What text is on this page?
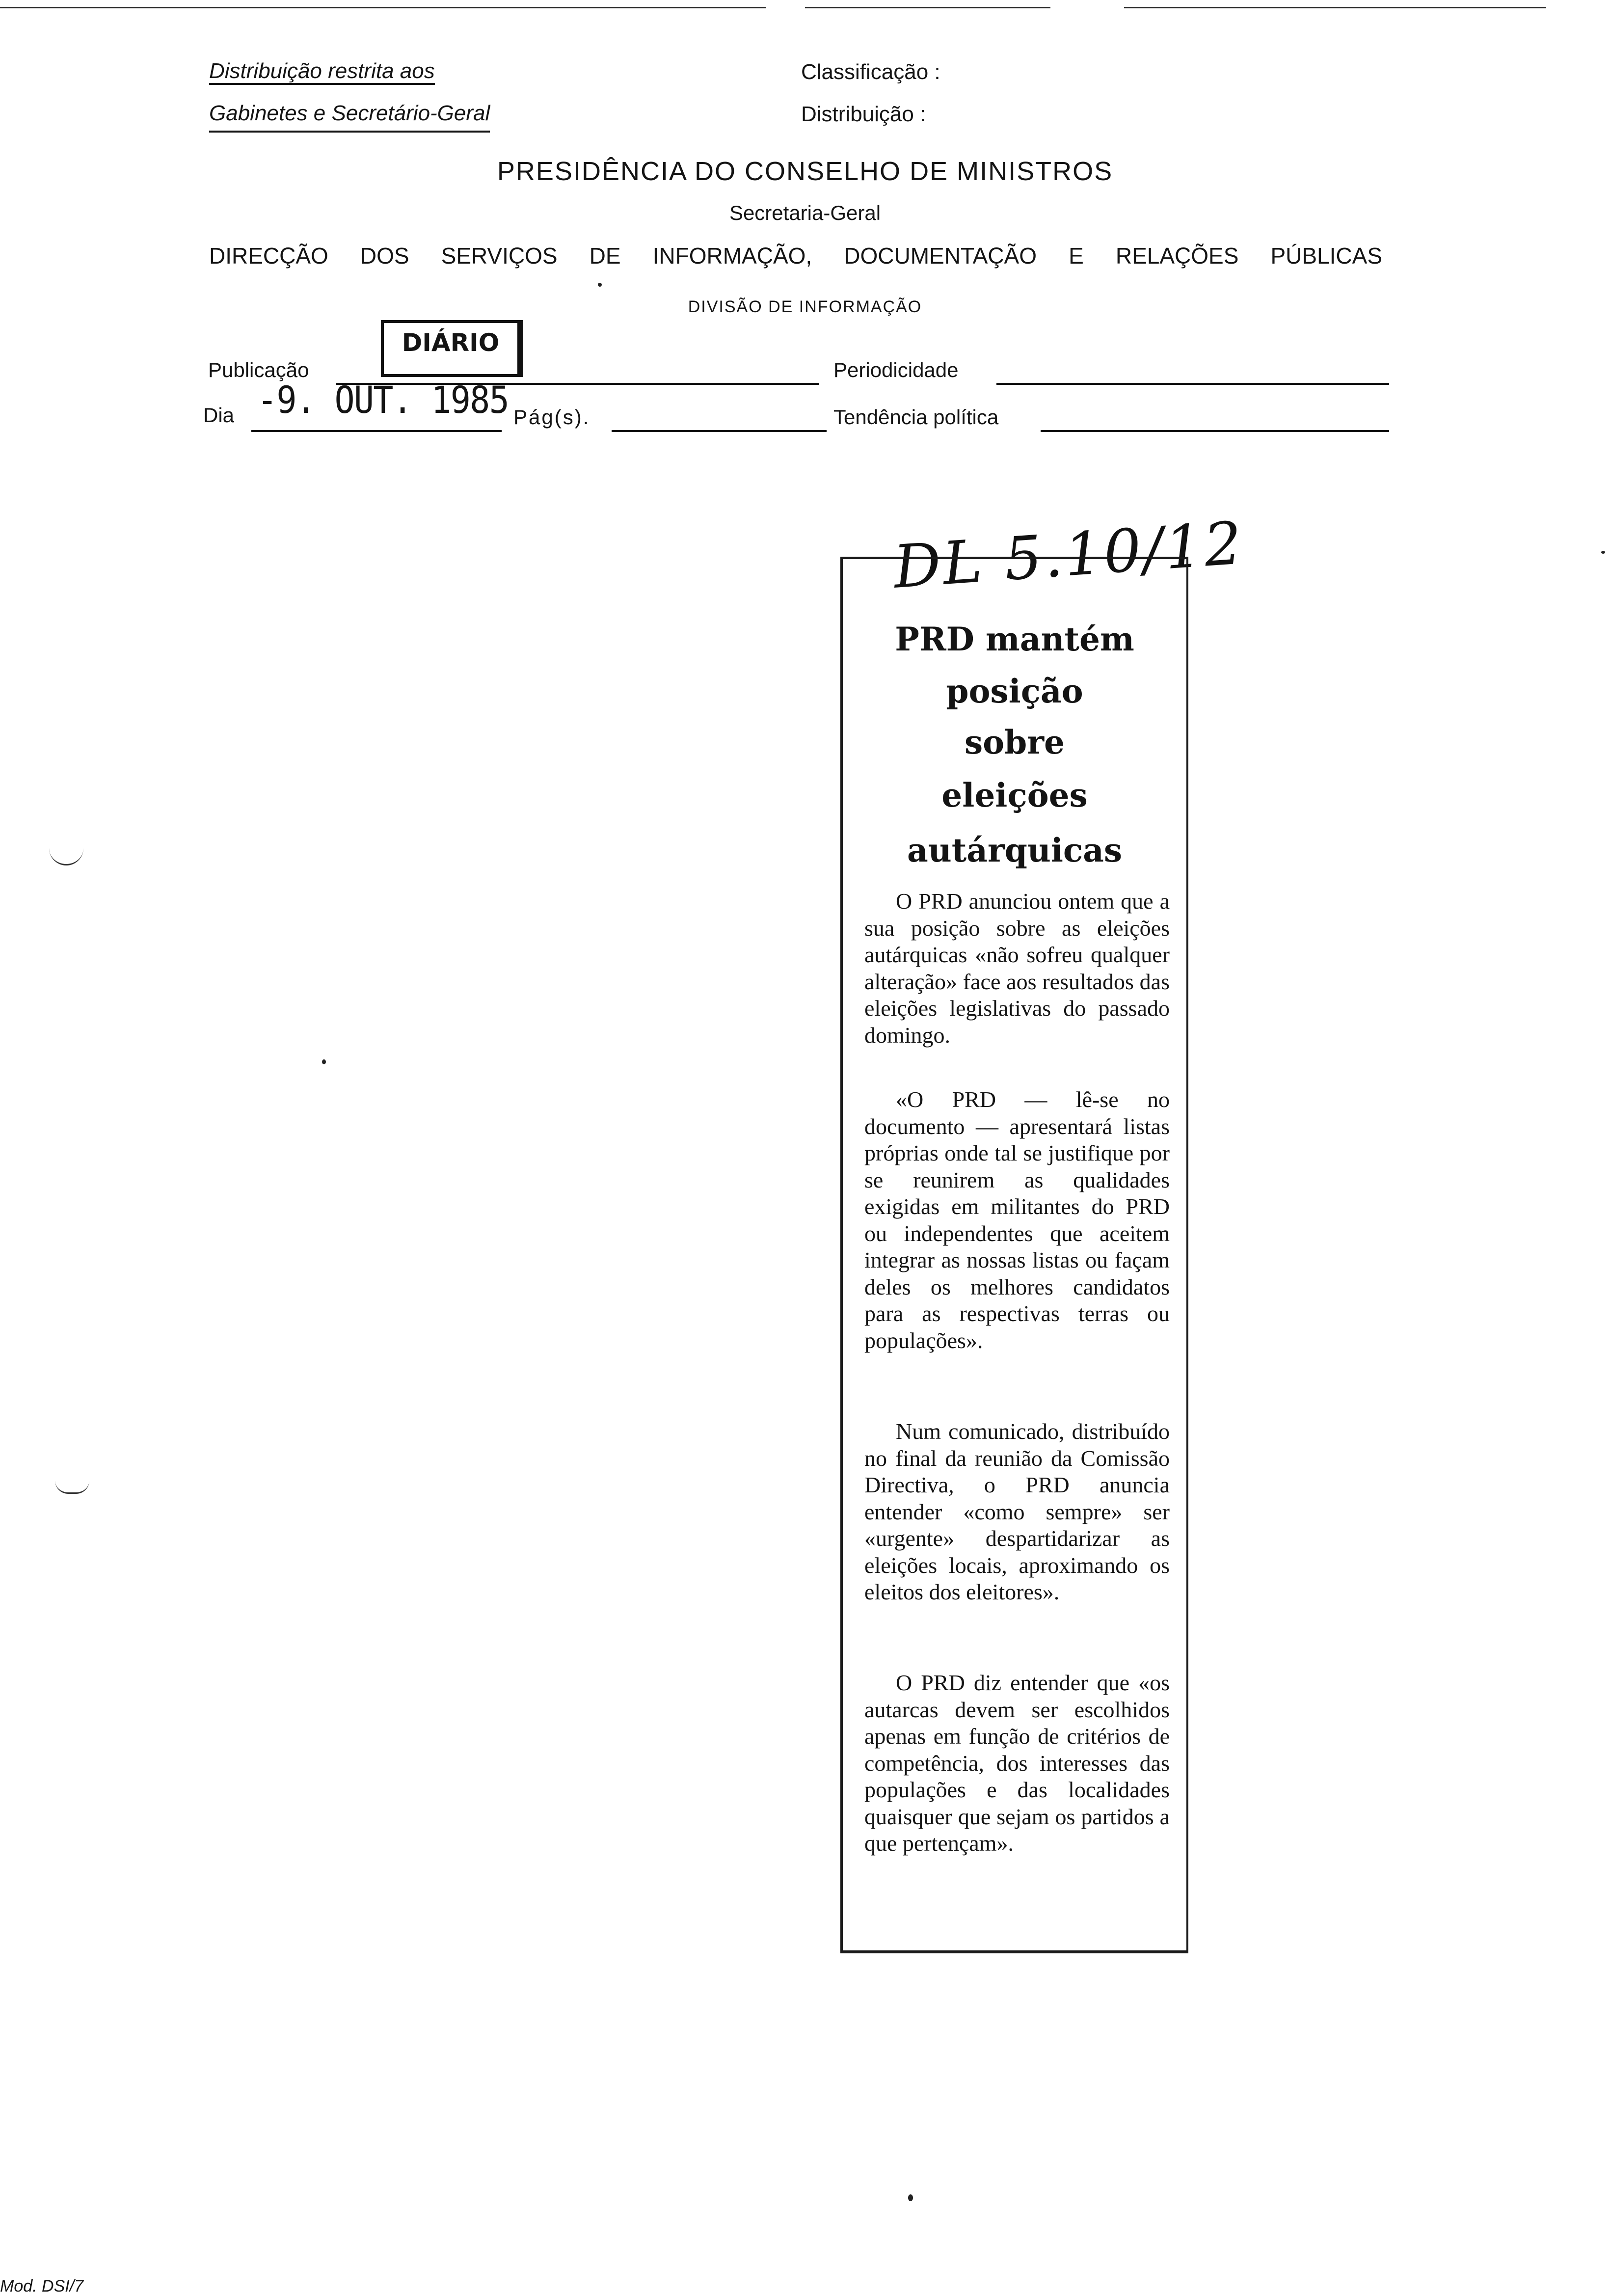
Distribuição restrita aos
Gabinetes e Secretário-Geral
Classificação :
Distribuição :
PRESIDÊNCIA DO CONSELHO DE MINISTROS
Secretaria-Geral
DIRECÇÃO DOS SERVIÇOS DE INFORMAÇÃO, DOCUMENTAÇÃO E RELAÇÕES PÚBLICAS
DIVISÃO DE INFORMAÇÃO
Publicação
DIÁRIO
Periodicidade
Dia -9. OUT. 1985 Pág(s).	Tendência política
DL 5.10/12
PRD mantém
posição
sobre
eleições
autárquicas

O PRD anunciou ontem que a sua posição sobre as eleições autárquicas «não sofreu qualquer alteração» face aos resultados das eleições legislativas do passado domingo.

«O PRD — lê-se no documento — apresentará listas próprias onde tal se justifique por se reunirem as qualidades exigidas em militantes do PRD ou independentes que aceitem integrar as nossas listas ou façam deles os melhores candidatos para as respectivas terras ou populações».

Num comunicado, distribuído no final da reunião da Comissão Directiva, o PRD anuncia entender «como sempre» ser «urgente» despartidarizar as eleições locais, aproximando os eleitos dos eleitores».

O PRD diz entender que «os autarcas devem ser escolhidos apenas em função de critérios de competência, dos interesses das populações e das localidades quaisquer que sejam os partidos a que pertençam».

Mod. DSI/7
